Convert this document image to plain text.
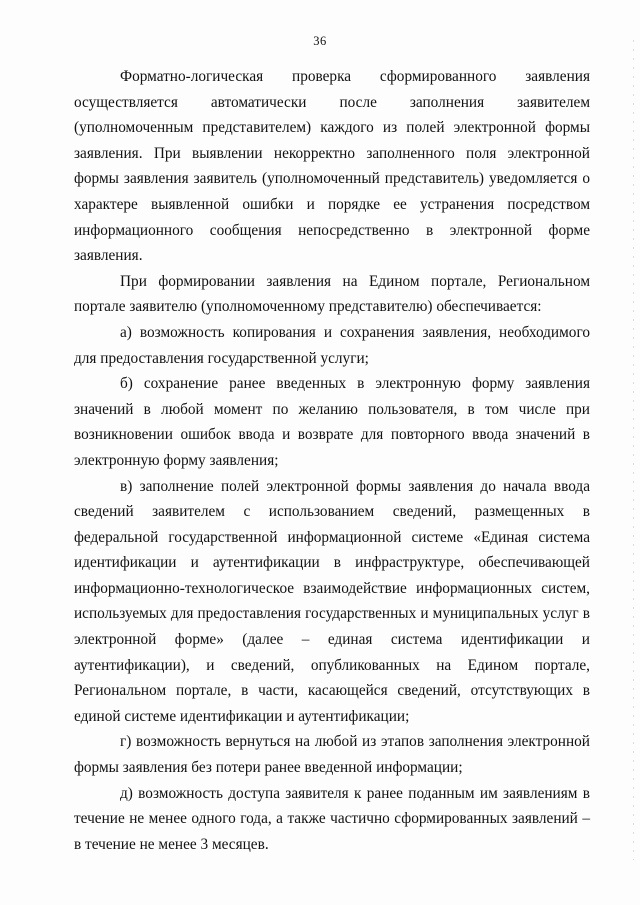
36

Форматно-логическая проверка сформированного заявления осуществляется автоматически после заполнения заявителем (уполномоченным представителем) каждого из полей электронной формы заявления. При выявлении некорректно заполненного поля электронной формы заявления заявитель (уполномоченный представитель) уведомляется о характере выявленной ошибки и порядке ее устранения посредством информационного сообщения непосредственно в электронной форме заявления.

При формировании заявления на Едином портале, Региональном портале заявителю (уполномоченному представителю) обеспечивается:

а) возможность копирования и сохранения заявления, необходимого для предоставления государственной услуги;

б) сохранение ранее введенных в электронную форму заявления значений в любой момент по желанию пользователя, в том числе при возникновении ошибок ввода и возврате для повторного ввода значений в электронную форму заявления;

в) заполнение полей электронной формы заявления до начала ввода сведений заявителем с использованием сведений, размещенных в федеральной государственной информационной системе «Единая система идентификации и аутентификации в инфраструктуре, обеспечивающей информационно-технологическое взаимодействие информационных систем, используемых для предоставления государственных и муниципальных услуг в электронной форме» (далее – единая система идентификации и аутентификации), и сведений, опубликованных на Едином портале, Региональном портале, в части, касающейся сведений, отсутствующих в единой системе идентификации и аутентификации;

г) возможность вернуться на любой из этапов заполнения электронной формы заявления без потери ранее введенной информации;

д) возможность доступа заявителя к ранее поданным им заявлениям в течение не менее одного года, а также частично сформированных заявлений – в течение не менее 3 месяцев.
